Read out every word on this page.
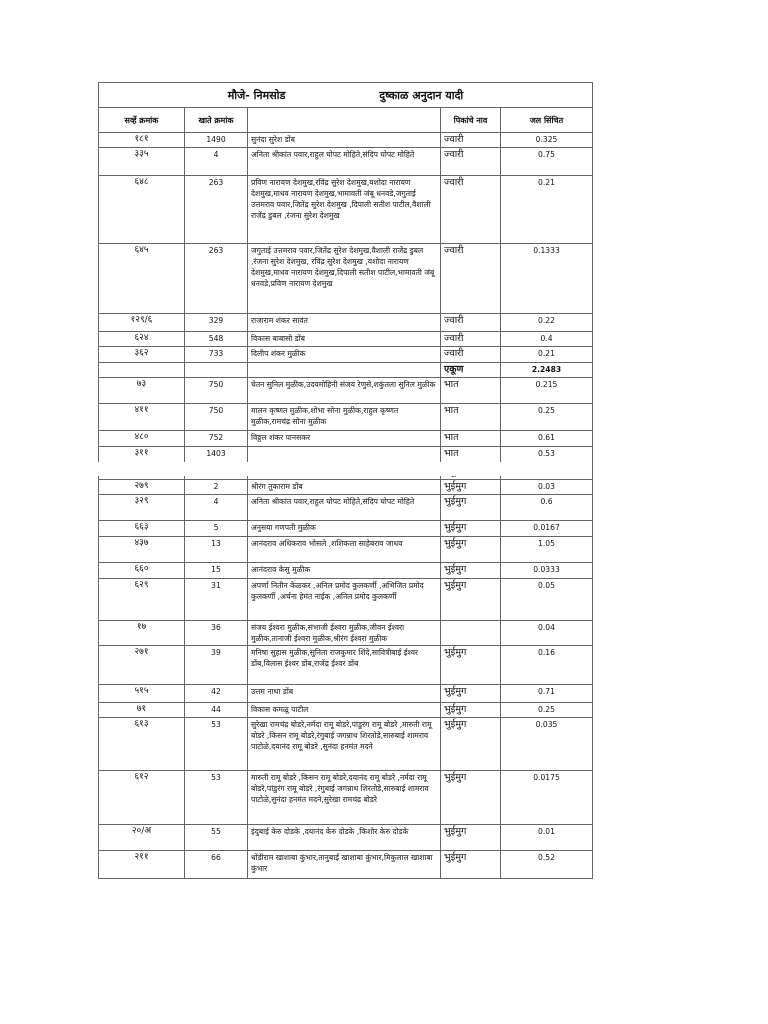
मौजे- निमसोड दुष्काळ अनुदान यादी				
सर्व्हे क्रमांक	खाते क्रमांक		पिकांचे नाव	जल सिंचित
१८१	1490	सुनंदा सुरेश डोंब	ज्वारी	0.325
३३५	4	अनिता श्रीकांत पवार,राहुल घोपट मोहिते,संदिप घोपट मोहिते	ज्वारी	0.75
६४८	263	प्रविण नारायण देशमुख,रविंद्र सुरेश देशमुख,यशोदा नारायण देशमुख,माधव नारायण देशमुख,भामावती जंबू धनवडे,जगुताई उत्तमराव पवार,जितेंद्र सुरेश देशमुख ,दिपाली सतीश पाटील,वैशाली राजेंद्र डुबल ,रंजना सुरेश देशमुख	ज्वारी	0.21
६४५	263	जगुताई उत्तमराव पवार,जितेंद्र सुरेश देशमुख,वैशाली राजेंद्र डुबल ,रंजना सुरेश देशमुख, रविंद्र सुरेश देशमुख ,यशोदा नारायण देशमुख,माधव नारायण देशमुख,दिपाली सतीश पाटील,भामावती जंबू धनवडे,प्रविण नारायण देशमुख	ज्वारी	0.1333
१२९/६	329	राजाराम शंकर सावंत	ज्वारी	0.22
६२४	548	विकास बाबासो डोंब	ज्वारी	0.4
३६२	733	दिलीप शंकर मुळीक	ज्वारी	0.21
			एकूण	2.2483
७३	750	चेतन सुनिल मुळीक,उदयमोहिनी संजय रेणुसे,शकुंतला सुनिल मुळीक	भात	0.215
४११	750	मालन कृष्णत मुळीक,शोभा सोना मुळीक,राहुल कृष्णत मुळीक,रामचंद्र सोना मुळीक	भात	0.25
४८०	752	विठ्ठल शंकर पानसकर	भात	0.61
३११	1403		भात	0.53

२७९	2	श्रीरंग तुकाराम डोंब	भुईमुग	0.03
३२९	4	अनिता श्रीकांत पवार,राहुल घोपट मोहिते,संदिप घोपट मोहिते	भुईमुग	0.6
६६३	5	अनुसया गणपती मुळीक	भुईमुग	0.0167
४३७	13	आनंदराव अधिकराव भोसले ,शशिकला साहेबराव जाधव	भुईमुग	1.05
६६०	15	आनंदराव केसु मुळीक	भुईमुग	0.0333
६२९	31	अपर्णा नितीन केळकर ,अनिल प्रमोद कुलकर्णी ,अभिजित प्रमोद कुलकर्णी ,अर्चना हेमंत नाईक ,अनिल प्रमोद कुलकर्णी	भुईमुग	0.05
१७	36	संजय ईश्वरा मुळीक,संभाजी ईश्वरा मुळीक,जीवन ईश्वरा मुळीक,तानाजी ईश्वरा मुळीक,श्रीरंग ईश्वरा मुळीक		0.04
२७१	39	मनिषा सुहास मुळीक,सुनिता राजकुमार शिंदे,सावित्रीबाई ईश्वर डोंब,विलास ईश्वर डोंब,राजेंद्र ईश्वर डोंब	भुईमुग	0.16
५१५	42	उत्तम नाथा डोंब	भुईमुग	0.71
७१	44	विकास कमळू पाटील	भुईमुग	0.25
६१३	53	सुरेखा रामचंद्र बोडरे,नर्मदा रामू बोडरे,पांडुरंग रामू बोडरे ,मारुती रामू बोडरे ,किसन रामू बोडरे,रंगुबाई जगन्नाथ शिरतोडे,सारुबाई शामराव पाटोळे,दयानंद रामू बोडरे ,सुनंदा हनमंत मदने	भुईमुग	0.035
६१२	53	मारुती रामू बोडरे ,किसन रामू बोडरे,दयानंद रामू बोडरे ,नर्मदा रामू बोडरे,पांडुरंग रामू बोडरे ,रंगुबाई जगन्नाथ शिरतोडे,सारुबाई शामराव पाटोळे,सुनंदा हनमंत मदने,सुरेखा रामचंद्र बोडरे	भुईमुग	0.0175
२०/अ	55	इंदुबाई केरु दोडके ,दयानंद केरु दोडके ,किशोर केरु दोडके	भुईमुग	0.01
२११	66	धोंडीराम खाशाबा कुंभार,तानुबाई खाशाबा कुंभार,मिकुलाल खाशाबा कुंभार	भुईमुग	0.52
